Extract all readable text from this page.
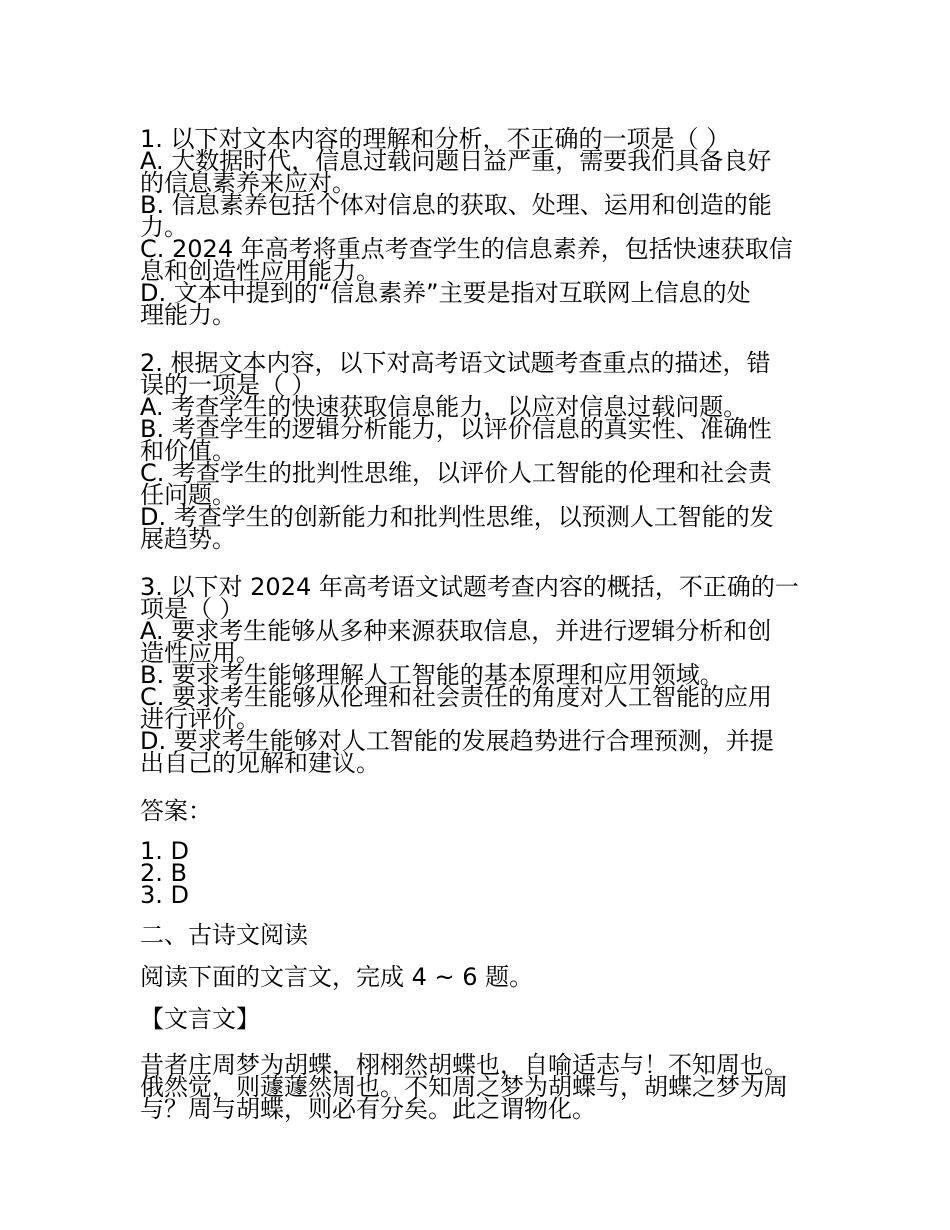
1. 以下对文本内容的理解和分析，不正确的一项是（ ）
A. 大数据时代，信息过载问题日益严重，需要我们具备良好
的信息素养来应对。
B. 信息素养包括个体对信息的获取、处理、运用和创造的能
力。
C. 2024 年高考将重点考查学生的信息素养，包括快速获取信
息和创造性应用能力。
D. 文本中提到的“信息素养”主要是指对互联网上信息的处
理能力。
2. 根据文本内容，以下对高考语文试题考查重点的描述，错
误的一项是（ ）
A. 考查学生的快速获取信息能力，以应对信息过载问题。
B. 考查学生的逻辑分析能力，以评价信息的真实性、准确性
和价值。
C. 考查学生的批判性思维，以评价人工智能的伦理和社会责
任问题。
D. 考查学生的创新能力和批判性思维，以预测人工智能的发
展趋势。
3. 以下对 2024 年高考语文试题考查内容的概括，不正确的一
项是（ ）
A. 要求考生能够从多种来源获取信息，并进行逻辑分析和创
造性应用。
B. 要求考生能够理解人工智能的基本原理和应用领域。
C. 要求考生能够从伦理和社会责任的角度对人工智能的应用
进行评价。
D. 要求考生能够对人工智能的发展趋势进行合理预测，并提
出自己的见解和建议。
答案：
1. D
2. B
3. D
二、古诗文阅读
阅读下面的文言文，完成 4 ~ 6 题。
【文言文】
昔者庄周梦为胡蝶，栩栩然胡蝶也，自喻适志与！不知周也。
俄然觉，则蘧蘧然周也。不知周之梦为胡蝶与，胡蝶之梦为周
与？周与胡蝶，则必有分矣。此之谓物化。
